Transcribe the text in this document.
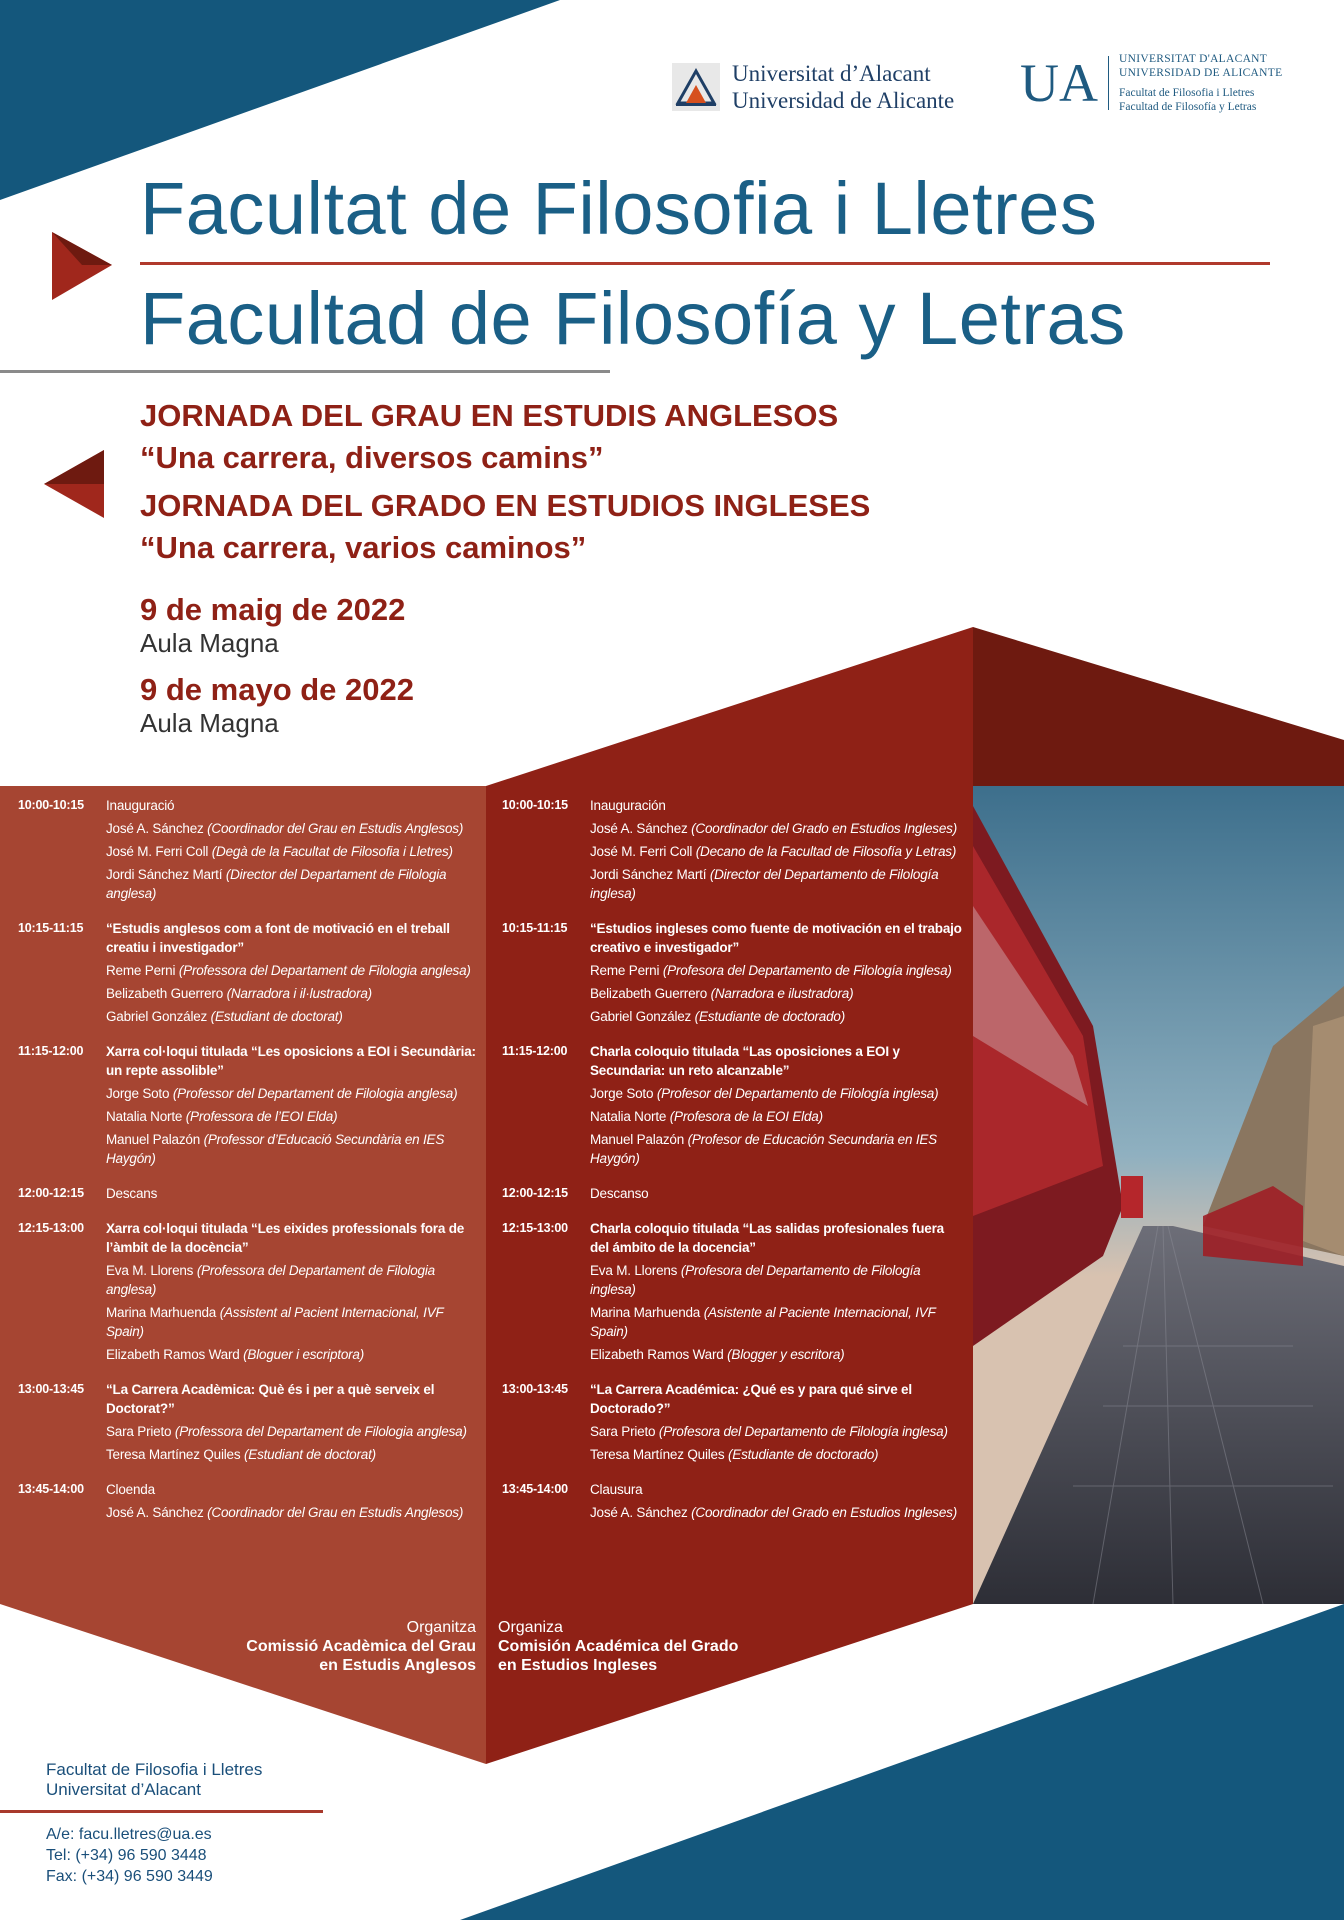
Universitat d’Alacant
Universidad de Alicante UA	UNIVERSITAT D'ALACANT
UNIVERSIDAD DE ALICANTE
Facultat de Filosofia i Lletres
Facultad de Filosofía y Letras
Facultat de Filosofia i Lletres
Facultad de Filosofía y Letras
JORNADA DEL GRAU EN ESTUDIS ANGLESOS
“Una carrera, diversos camins”
JORNADA DEL GRADO EN ESTUDIOS INGLESES
“Una carrera, varios caminos”
9 de maig de 2022
Aula Magna
9 de mayo de 2022
Aula Magna
10:00-10:15	Inauguració
José A. Sánchez (Coordinador del Grau en Estudis Anglesos)
José M. Ferri Coll (Degà de la Facultat de Filosofia i Lletres)
Jordi Sánchez Martí (Director del Departament de Filologia anglesa)
10:15-11:15	“Estudis anglesos com a font de motivació en el treball creatiu i investigador”
Reme Perni (Professora del Departament de Filologia anglesa)
Belizabeth Guerrero (Narradora i il·lustradora)
Gabriel González (Estudiant de doctorat)
11:15-12:00	Xarra col·loqui titulada “Les oposicions a EOI i Secundària: un repte assolible”
Jorge Soto (Professor del Departament de Filologia anglesa)
Natalia Norte (Professora de l’EOI Elda)
Manuel Palazón (Professor d’Educació Secundària en IES Haygón)
12:00-12:15	Descans
12:15-13:00	Xarra col·loqui titulada “Les eixides professionals fora de l’àmbit de la docència”
Eva M. Llorens (Professora del Departament de Filologia anglesa)
Marina Marhuenda (Assistent al Pacient Internacional, IVF Spain)
Elizabeth Ramos Ward (Bloguer i escriptora)
13:00-13:45	“La Carrera Acadèmica: Què és i per a què serveix el Doctorat?”
Sara Prieto (Professora del Departament de Filologia anglesa)
Teresa Martínez Quiles (Estudiant de doctorat)
13:45-14:00	Cloenda
José A. Sánchez (Coordinador del Grau en Estudis Anglesos)
10:00-10:15	Inauguración
José A. Sánchez (Coordinador del Grado en Estudios Ingleses)
José M. Ferri Coll (Decano de la Facultad de Filosofía y Letras)
Jordi Sánchez Martí (Director del Departamento de Filología inglesa)
10:15-11:15	“Estudios ingleses como fuente de motivación en el trabajo creativo e investigador”
Reme Perni (Profesora del Departamento de Filología inglesa)
Belizabeth Guerrero (Narradora e ilustradora)
Gabriel González (Estudiante de doctorado)
11:15-12:00	Charla coloquio titulada “Las oposiciones a EOI y Secundaria: un reto alcanzable”
Jorge Soto (Profesor del Departamento de Filología inglesa)
Natalia Norte (Profesora de la EOI Elda)
Manuel Palazón (Profesor de Educación Secundaria en IES Haygón)
12:00-12:15	Descanso
12:15-13:00	Charla coloquio titulada “Las salidas profesionales fuera del ámbito de la docencia”
Eva M. Llorens (Profesora del Departamento de Filología inglesa)
Marina Marhuenda (Asistente al Paciente Internacional, IVF Spain)
Elizabeth Ramos Ward (Blogger y escritora)
13:00-13:45	“La Carrera Académica: ¿Qué es y para qué sirve el Doctorado?”
Sara Prieto (Profesora del Departamento de Filología inglesa)
Teresa Martínez Quiles (Estudiante de doctorado)
13:45-14:00	Clausura
José A. Sánchez (Coordinador del Grado en Estudios Ingleses)
Organitza
Comissió Acadèmica del Grau
en Estudis Anglesos
Organiza
Comisión Académica del Grado
en Estudios Ingleses
Facultat de Filosofia i Lletres
Universitat d’Alacant
A/e: facu.lletres@ua.es
Tel: (+34) 96 590 3448
Fax: (+34) 96 590 3449
